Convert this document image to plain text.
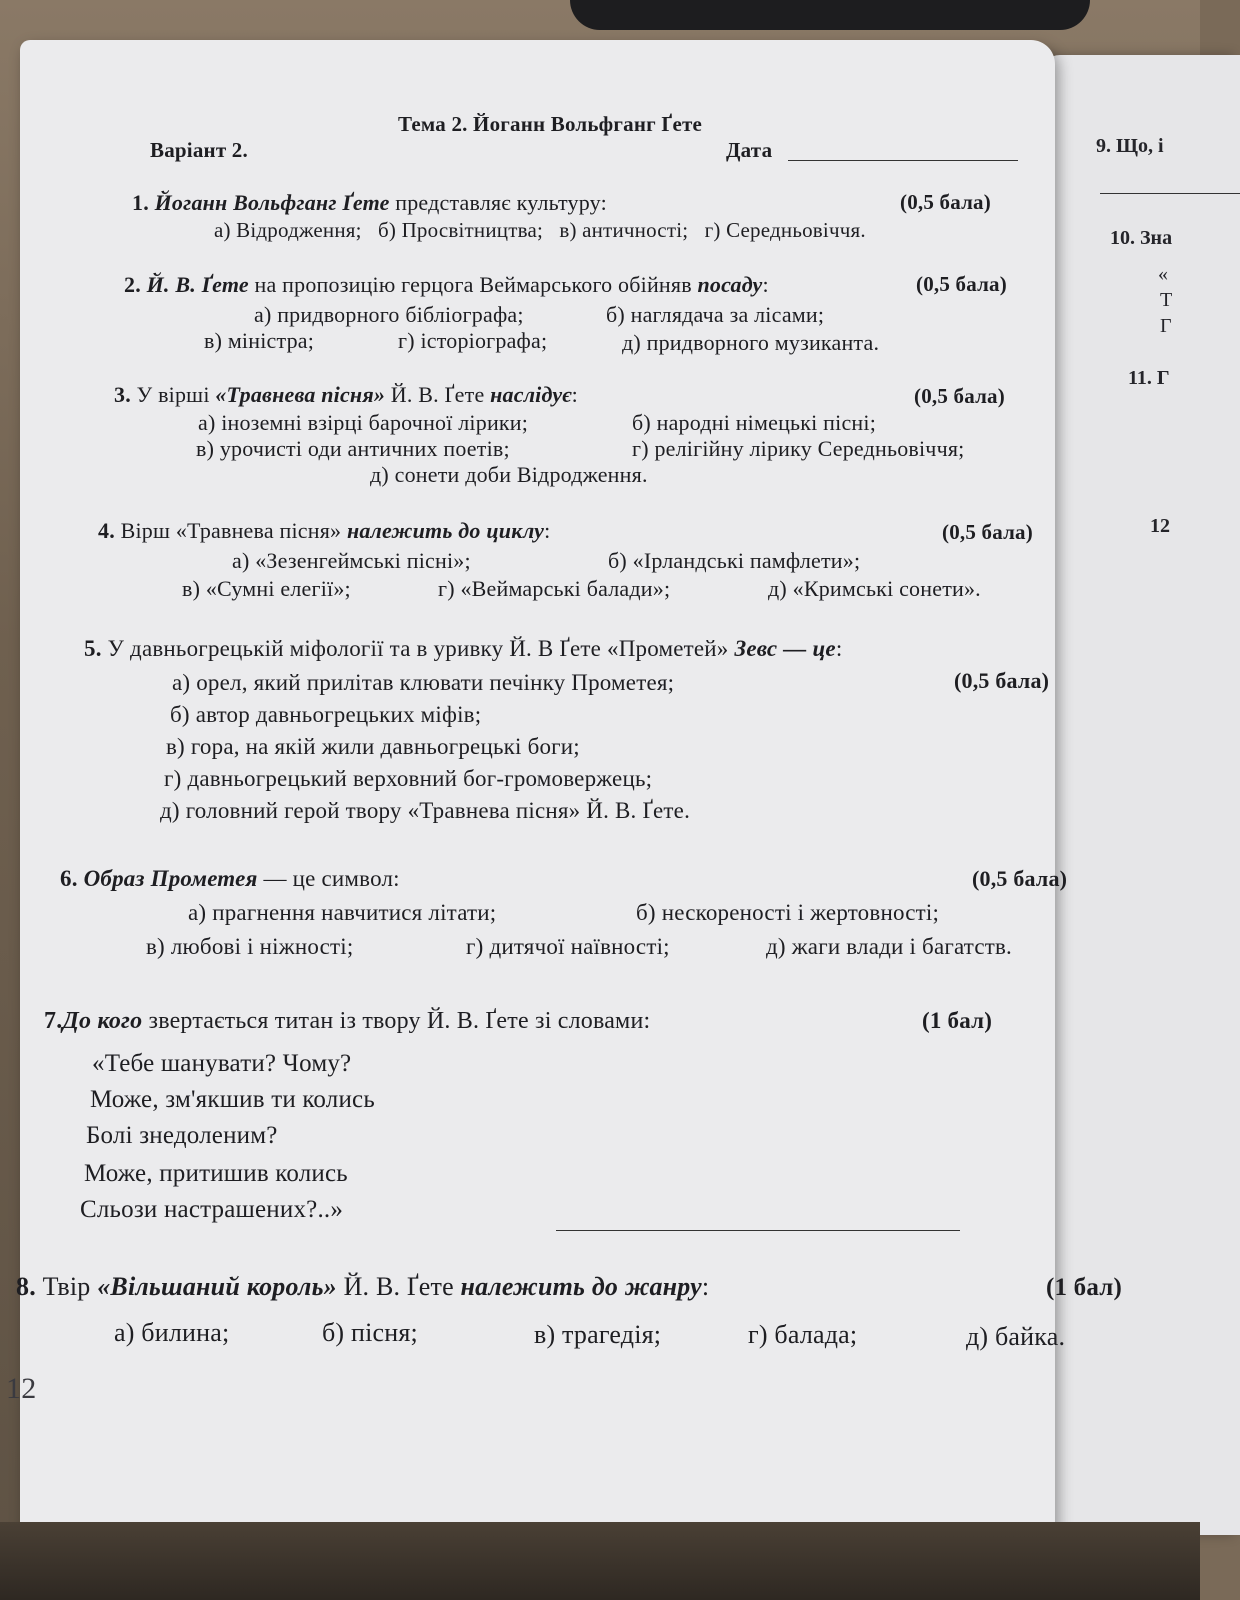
9. Що, і
10. Зна
«
Т
Г
11. Г
12
Тема 2. Йоганн Вольфганг Ґете
Варіант 2.	Дата
1. Йоганн Вольфганг Ґете представляє культуру:	(0,5 бала)
а) Відродження;   б) Просвітництва;   в) античності;   г) Середньовіччя.
2. Й. В. Ґете на пропозицію герцога Веймарського обійняв посаду:	(0,5 бала)
а) придворного бібліографа;	б) наглядача за лісами;
в) міністра;	г) історіографа;	д) придворного музиканта.
3. У вірші «Травнева пісня» Й. В. Ґете наслідує:	(0,5 бала)
а) іноземні взірці барочної лірики;	б) народні німецькі пісні;
в) урочисті оди античних поетів;	г) релігійну лірику Середньовіччя;
д) сонети доби Відродження.
4. Вірш «Травнева пісня» належить до циклу:	(0,5 бала)
а) «Зезенгеймські пісні»;	б) «Ірландські памфлети»;
в) «Сумні елегії»;	г) «Веймарські балади»;	д) «Кримські сонети».
5. У давньогрецькій міфології та в уривку Й. В Ґете «Прометей» Зевс — це:
(0,5 бала)
а) орел, який прилітав клювати печінку Прометея;
б) автор давньогрецьких міфів;
в) гора, на якій жили давньогрецькі боги;
г) давньогрецький верховний бог-громовержець;
д) головний герой твору «Травнева пісня» Й. В. Ґете.
6. Образ Прометея — це символ:	(0,5 бала)
а) прагнення навчитися літати;	б) нескореності і жертовності;
в) любові і ніжності;	г) дитячої наївності;	д) жаги влади і багатств.
7.До кого звертається титан із твору Й. В. Ґете зі словами:	(1 бал)
«Тебе шанувати? Чому?
Може, зм'якшив ти колись
Болі знедоленим?
Може, притишив колись
Сльози настрашених?..»
8. Твір «Вільшаний король» Й. В. Ґете належить до жанру:	(1 бал)
а) билина;	б) пісня;	в) трагедія;	г) балада;	д) байка.
12
